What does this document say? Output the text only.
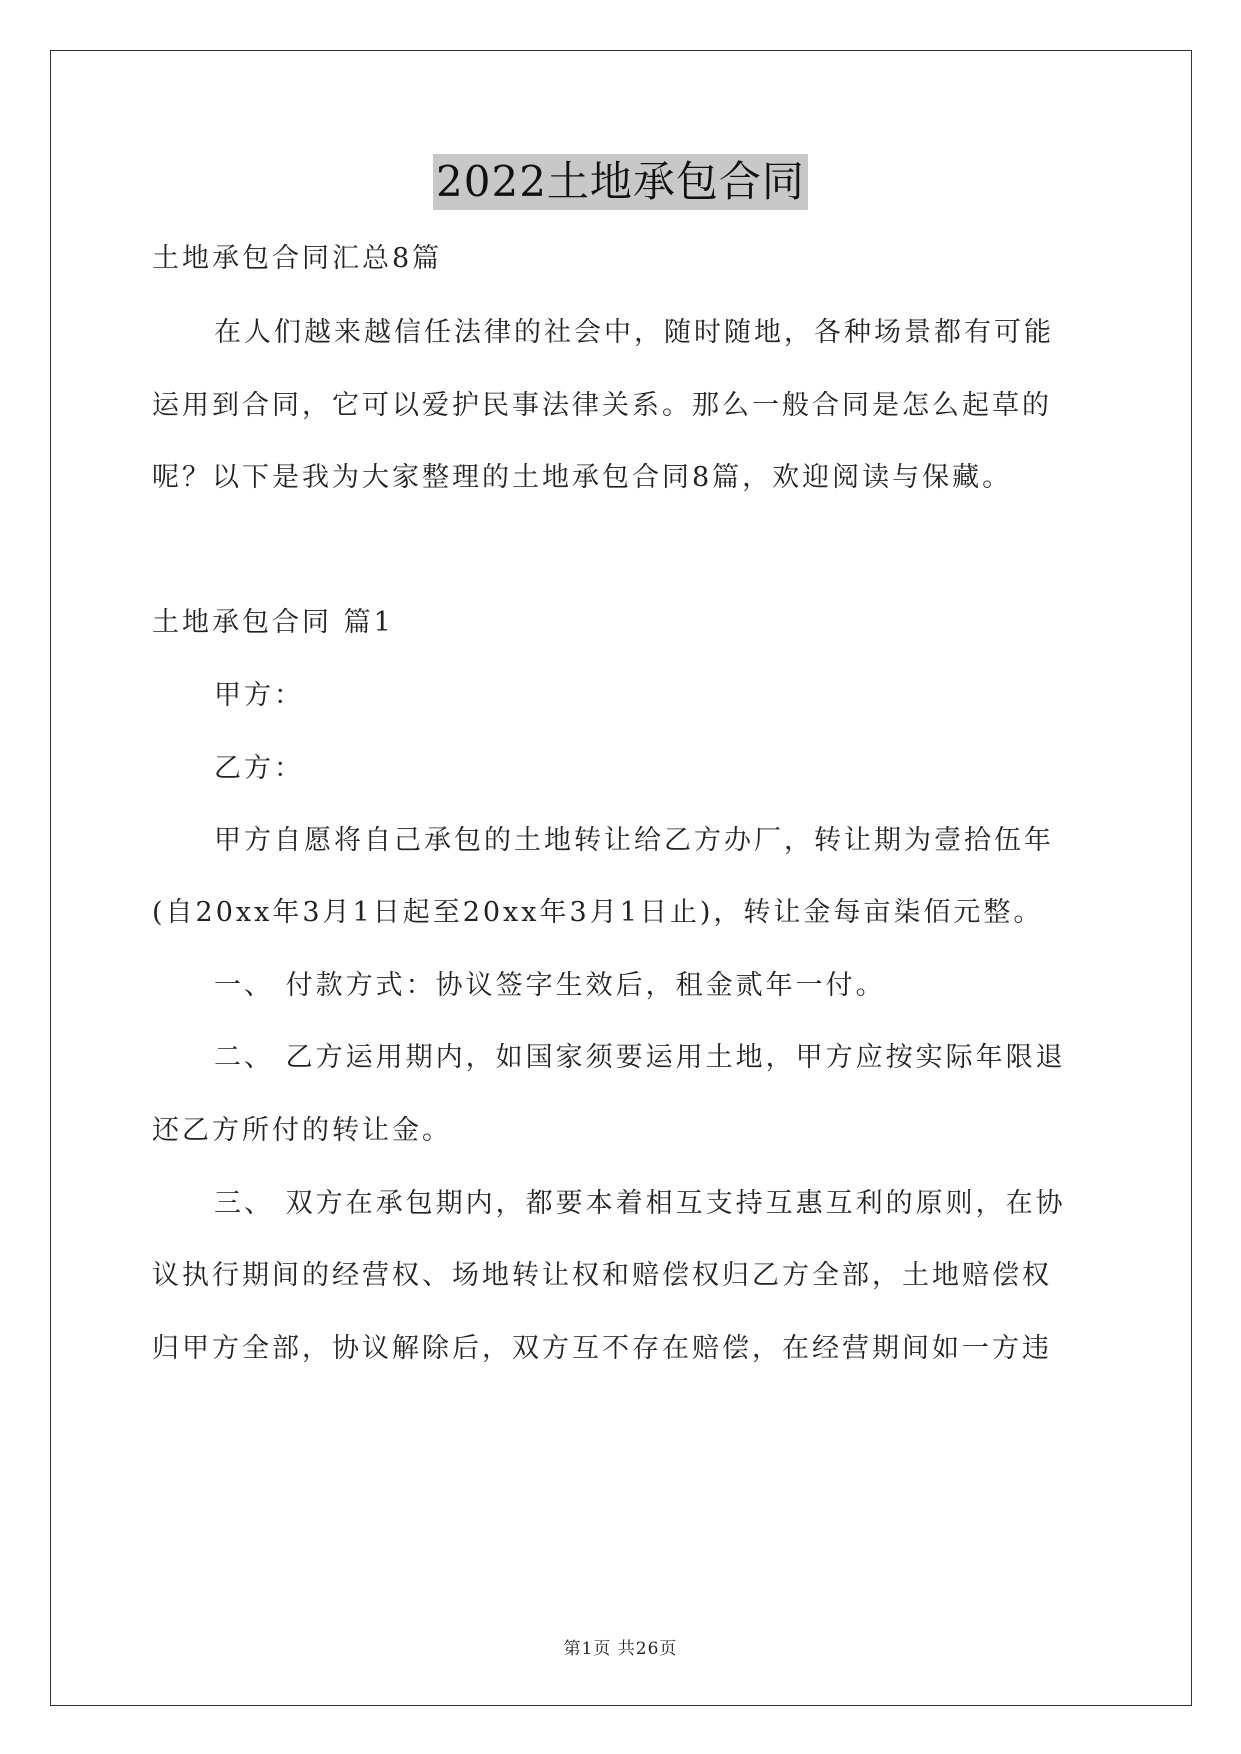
2022土地承包合同
土地承包合同汇总8篇
在人们越来越信任法律的社会中，随时随地，各种场景都有可能
运用到合同，它可以爱护民事法律关系。那么一般合同是怎么起草的
呢？以下是我为大家整理的土地承包合同8篇，欢迎阅读与保藏。
土地承包合同 篇1
甲方：
乙方：
甲方自愿将自己承包的土地转让给乙方办厂，转让期为壹拾伍年
(自20xx年3月1日起至20xx年3月1日止)，转让金每亩柒佰元整。
一、 付款方式：协议签字生效后，租金贰年一付。
二、 乙方运用期内，如国家须要运用土地，甲方应按实际年限退
还乙方所付的转让金。
三、 双方在承包期内，都要本着相互支持互惠互利的原则，在协
议执行期间的经营权、场地转让权和赔偿权归乙方全部，土地赔偿权
归甲方全部，协议解除后，双方互不存在赔偿，在经营期间如一方违
第1页 共26页
